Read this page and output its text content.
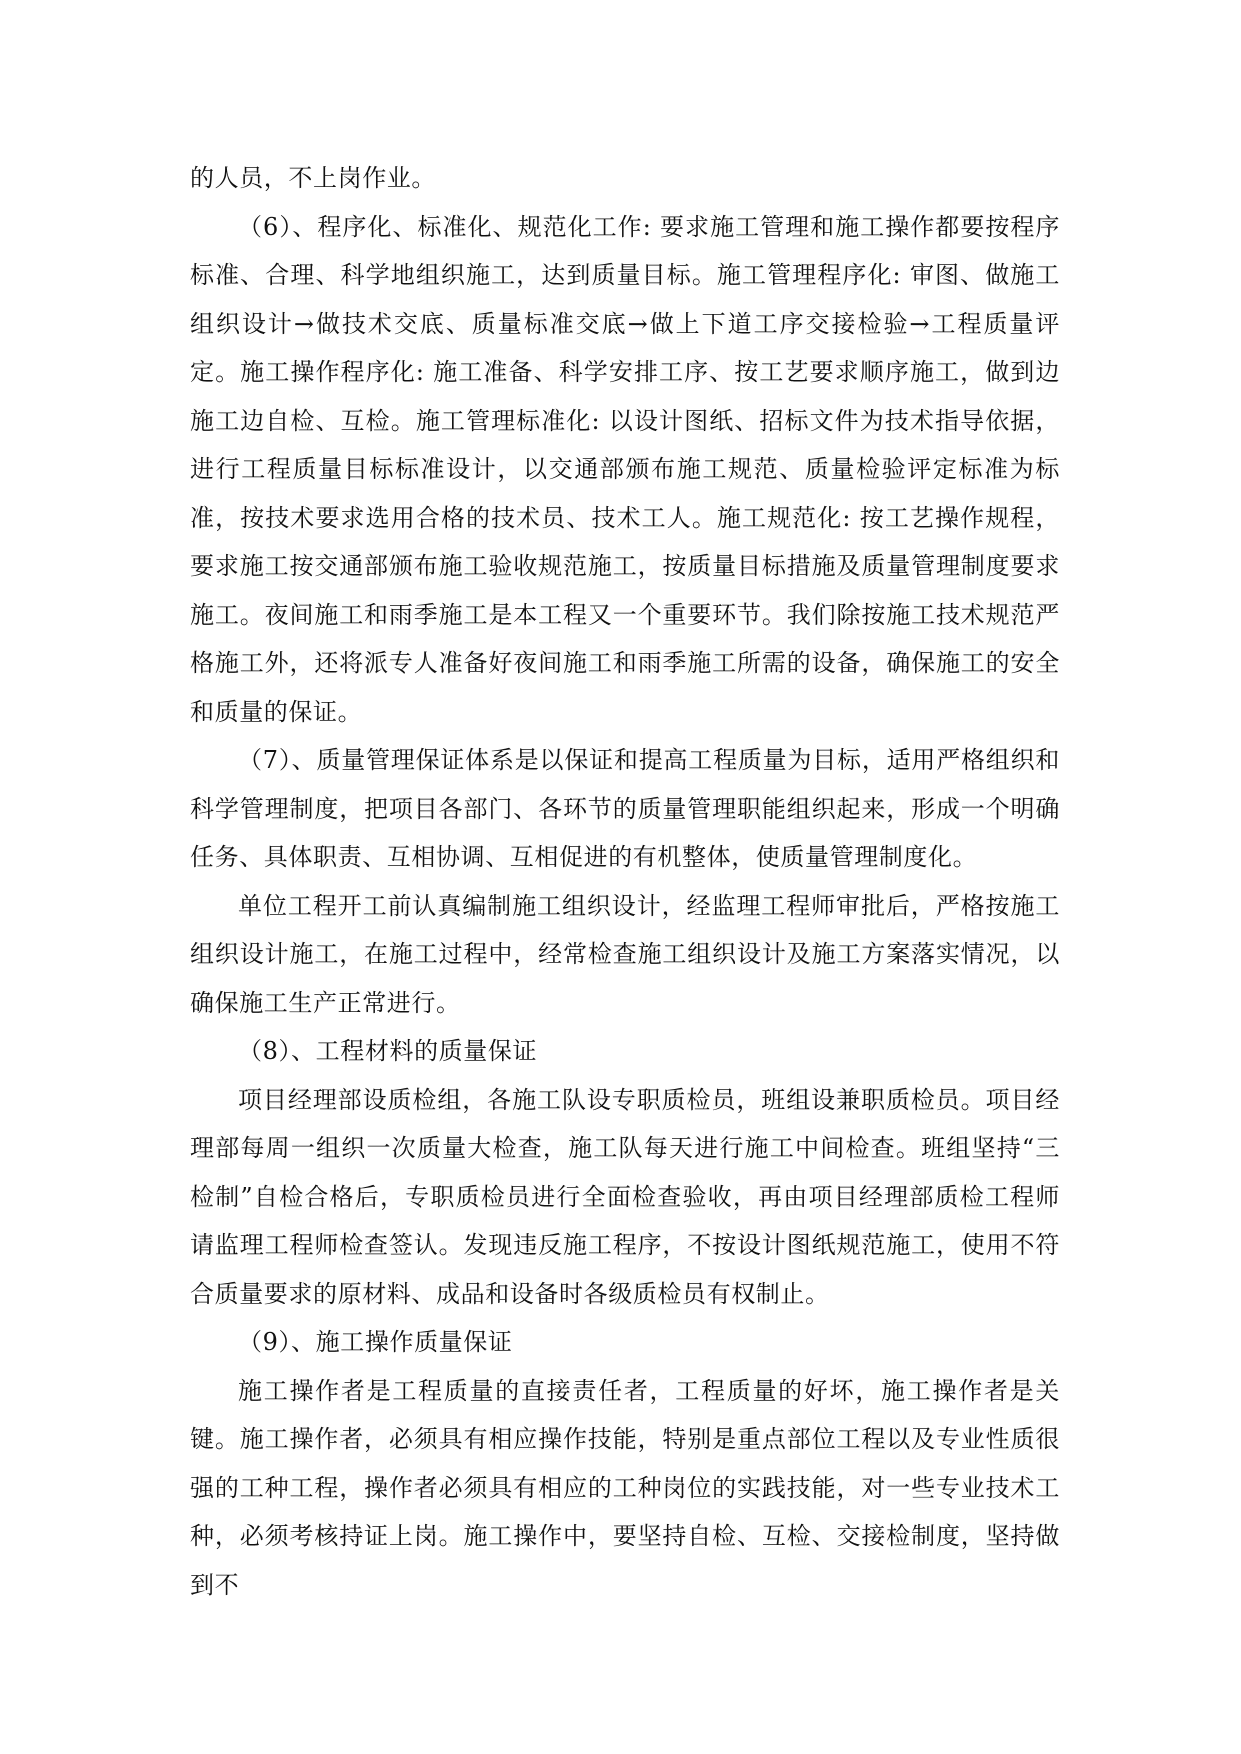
的人员，不上岗作业。

（6）、程序化、标准化、规范化工作: 要求施工管理和施工操作都要按程序标准、合理、科学地组织施工，达到质量目标。施工管理程序化: 审图、做施工组织设计→做技术交底、质量标准交底→做上下道工序交接检验→工程质量评定。施工操作程序化: 施工准备、科学安排工序、按工艺要求顺序施工，做到边施工边自检、互检。施工管理标准化: 以设计图纸、招标文件为技术指导依据，进行工程质量目标标准设计，以交通部颁布施工规范、质量检验评定标准为标准，按技术要求选用合格的技术员、技术工人。施工规范化: 按工艺操作规程，要求施工按交通部颁布施工验收规范施工，按质量目标措施及质量管理制度要求施工。夜间施工和雨季施工是本工程又一个重要环节。我们除按施工技术规范严格施工外，还将派专人准备好夜间施工和雨季施工所需的设备，确保施工的安全和质量的保证。

（7）、质量管理保证体系是以保证和提高工程质量为目标，适用严格组织和科学管理制度，把项目各部门、各环节的质量管理职能组织起来，形成一个明确任务、具体职责、互相协调、互相促进的有机整体，使质量管理制度化。

单位工程开工前认真编制施工组织设计，经监理工程师审批后，严格按施工组织设计施工，在施工过程中，经常检查施工组织设计及施工方案落实情况，以确保施工生产正常进行。

（8）、工程材料的质量保证

项目经理部设质检组，各施工队设专职质检员，班组设兼职质检员。项目经理部每周一组织一次质量大检查，施工队每天进行施工中间检查。班组坚持“三检制”自检合格后，专职质检员进行全面检查验收，再由项目经理部质检工程师请监理工程师检查签认。发现违反施工程序，不按设计图纸规范施工，使用不符合质量要求的原材料、成品和设备时各级质检员有权制止。

（9）、施工操作质量保证

施工操作者是工程质量的直接责任者，工程质量的好坏，施工操作者是关键。施工操作者，必须具有相应操作技能，特别是重点部位工程以及专业性质很强的工种工程，操作者必须具有相应的工种岗位的实践技能，对一些专业技术工种，必须考核持证上岗。施工操作中，要坚持自检、互检、交接检制度，坚持做到不
